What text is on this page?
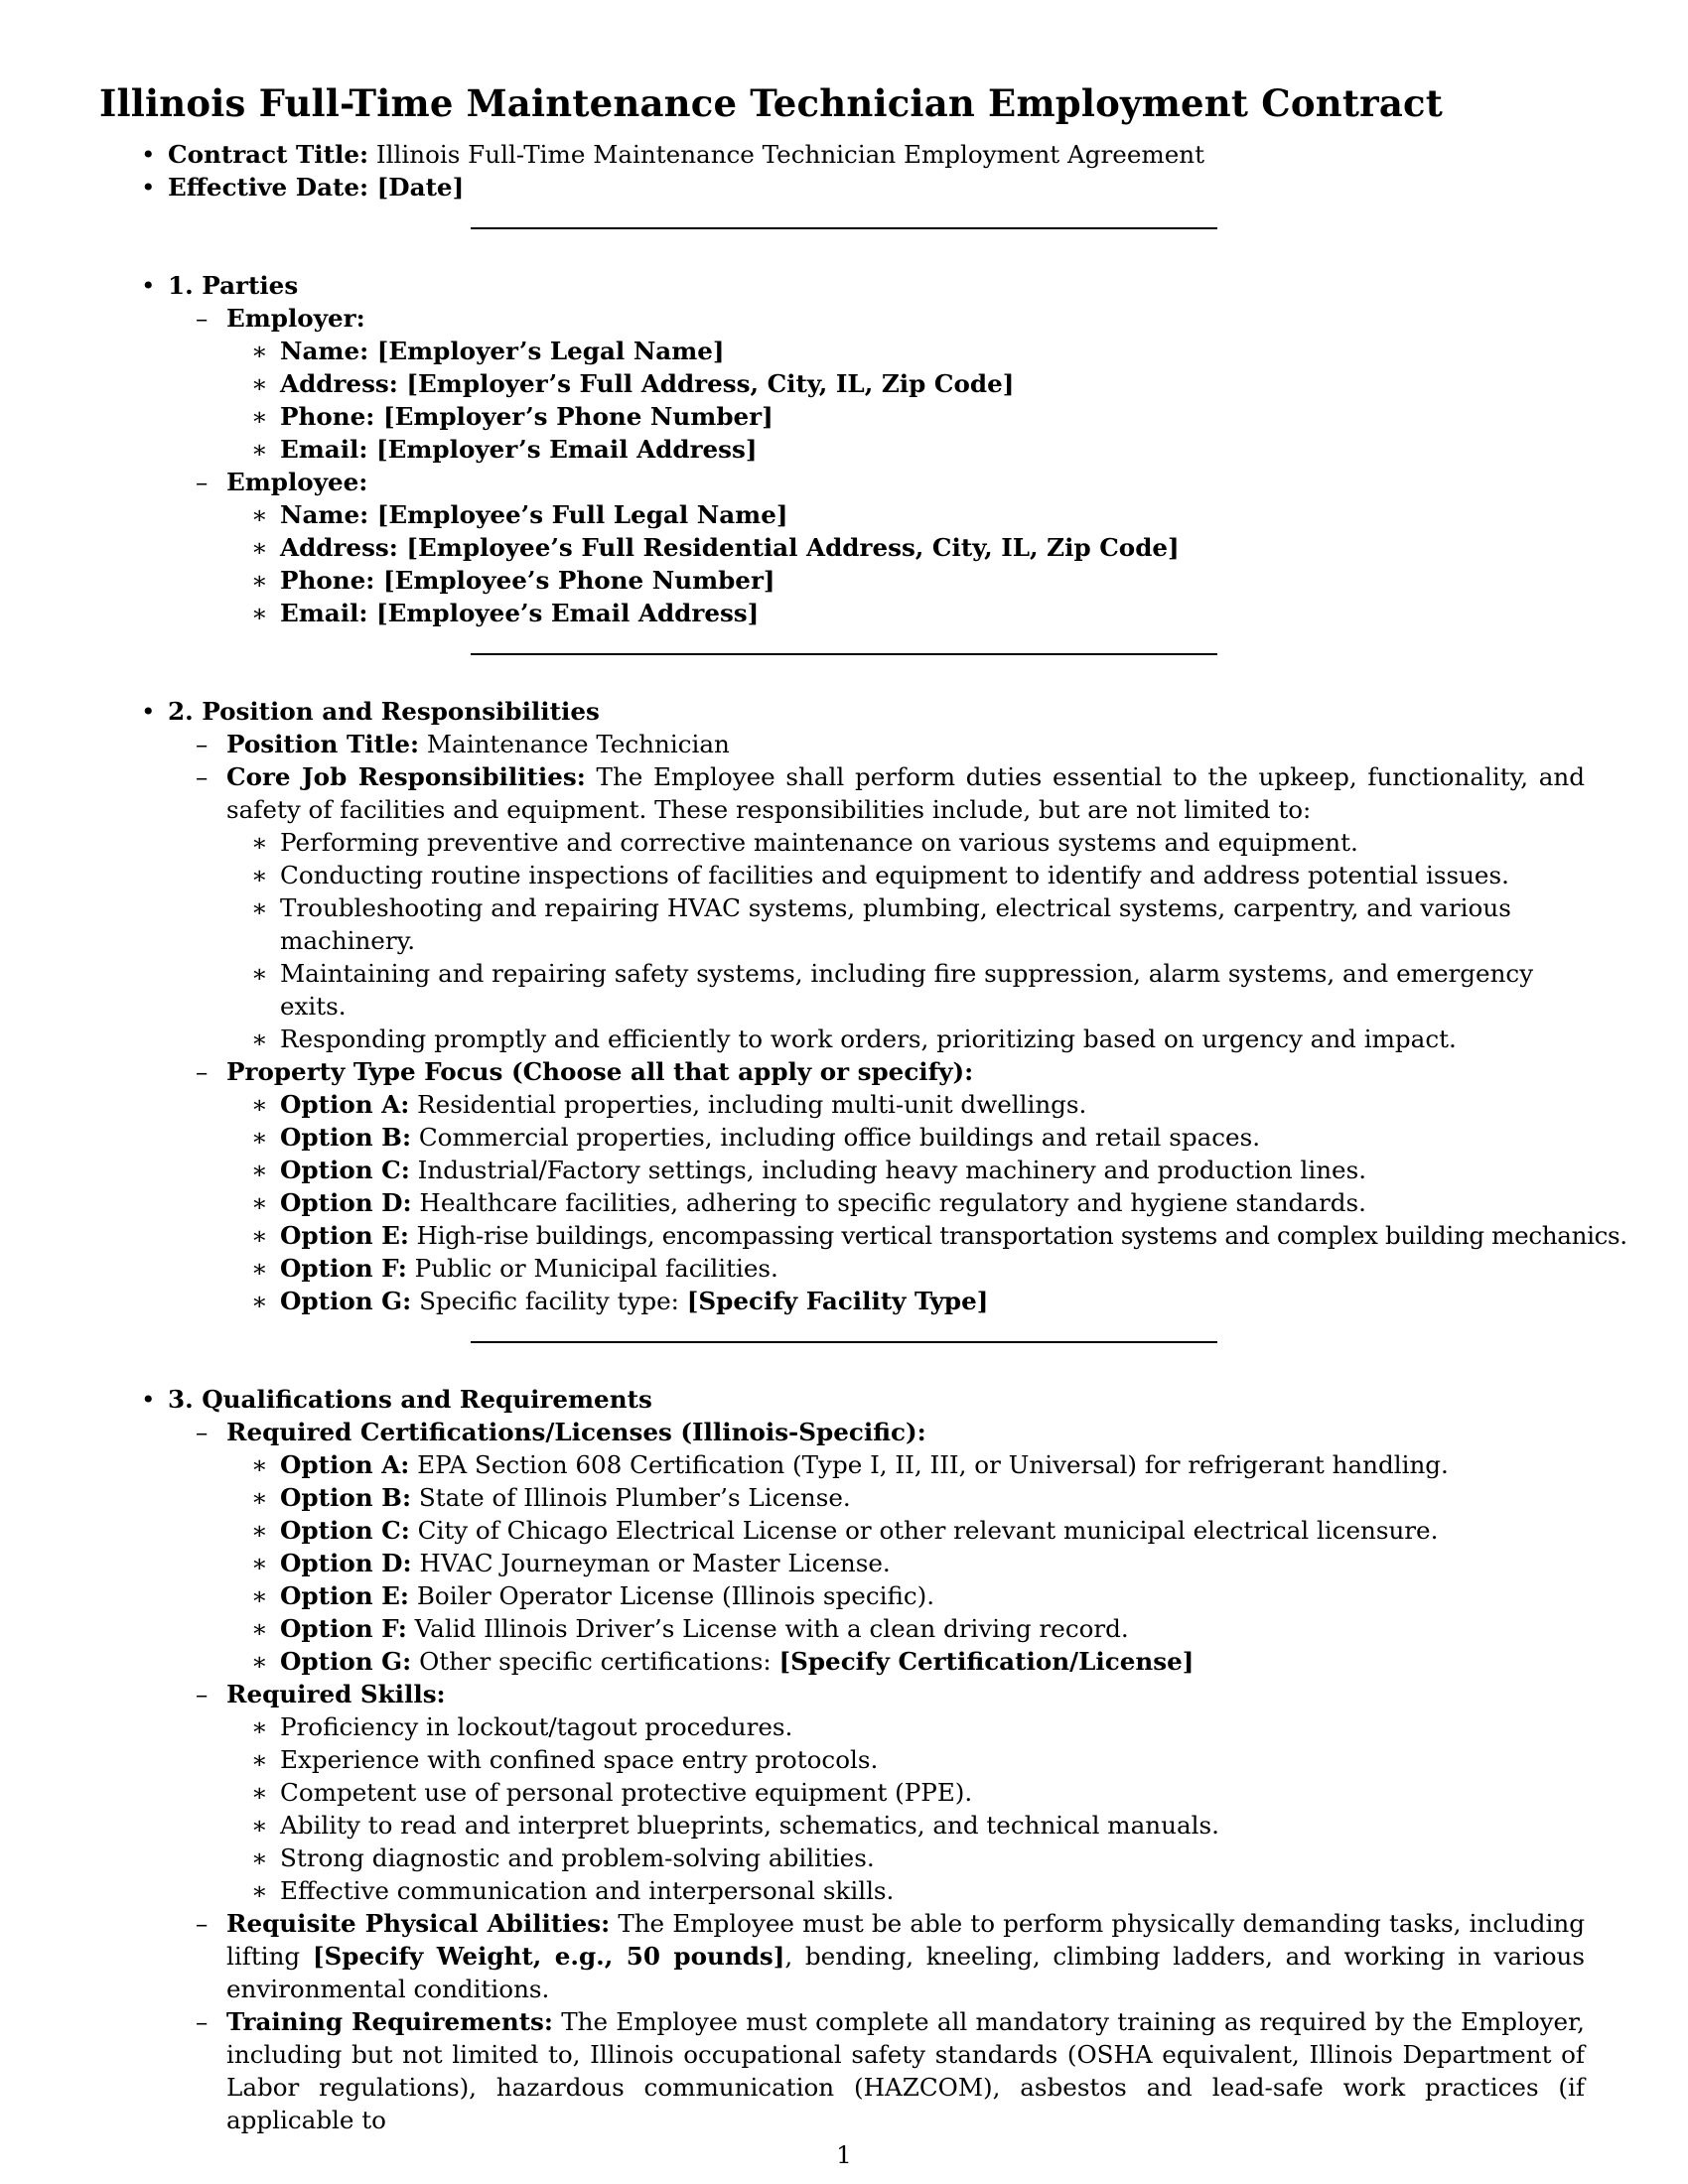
Illinois Full-Time Maintenance Technician Employment Contract
• Contract Title: Illinois Full-Time Maintenance Technician Employment Agreement
• Effective Date: [Date]
• 1. Parties
– Employer:
∗ Name: [Employer’s Legal Name]
∗ Address: [Employer’s Full Address, City, IL, Zip Code]
∗ Phone: [Employer’s Phone Number]
∗ Email: [Employer’s Email Address]
– Employee:
∗ Name: [Employee’s Full Legal Name]
∗ Address: [Employee’s Full Residential Address, City, IL, Zip Code]
∗ Phone: [Employee’s Phone Number]
∗ Email: [Employee’s Email Address]
• 2. Position and Responsibilities
– Position Title: Maintenance Technician
– Core Job Responsibilities: The Employee shall perform duties essential to the upkeep, functionality, and safety of facilities and equipment. These responsibilities include, but are not limited to:
∗ Performing preventive and corrective maintenance on various systems and equipment.
∗ Conducting routine inspections of facilities and equipment to identify and address potential issues.
∗ Troubleshooting and repairing HVAC systems, plumbing, electrical systems, carpentry, and various machinery.
∗ Maintaining and repairing safety systems, including fire suppression, alarm systems, and emergency exits.
∗ Responding promptly and efficiently to work orders, prioritizing based on urgency and impact.
– Property Type Focus (Choose all that apply or specify):
∗ Option A: Residential properties, including multi-unit dwellings.
∗ Option B: Commercial properties, including office buildings and retail spaces.
∗ Option C: Industrial/Factory settings, including heavy machinery and production lines.
∗ Option D: Healthcare facilities, adhering to specific regulatory and hygiene standards.
∗ Option E: High-rise buildings, encompassing vertical transportation systems and complex building mechanics.
∗ Option F: Public or Municipal facilities.
∗ Option G: Specific facility type: [Specify Facility Type]
• 3. Qualifications and Requirements
– Required Certifications/Licenses (Illinois-Specific):
∗ Option A: EPA Section 608 Certification (Type I, II, III, or Universal) for refrigerant handling.
∗ Option B: State of Illinois Plumber’s License.
∗ Option C: City of Chicago Electrical License or other relevant municipal electrical licensure.
∗ Option D: HVAC Journeyman or Master License.
∗ Option E: Boiler Operator License (Illinois specific).
∗ Option F: Valid Illinois Driver’s License with a clean driving record.
∗ Option G: Other specific certifications: [Specify Certification/License]
– Required Skills:
∗ Proficiency in lockout/tagout procedures.
∗ Experience with confined space entry protocols.
∗ Competent use of personal protective equipment (PPE).
∗ Ability to read and interpret blueprints, schematics, and technical manuals.
∗ Strong diagnostic and problem-solving abilities.
∗ Effective communication and interpersonal skills.
– Requisite Physical Abilities: The Employee must be able to perform physically demanding tasks, including lifting [Specify Weight, e.g., 50 pounds], bending, kneeling, climbing ladders, and working in various environmental conditions.
– Training Requirements: The Employee must complete all mandatory training as required by the Employer, including but not limited to, Illinois occupational safety standards (OSHA equivalent, Illinois Department of Labor regulations), hazardous communication (HAZCOM), asbestos and lead-safe work practices (if applicable to
1
